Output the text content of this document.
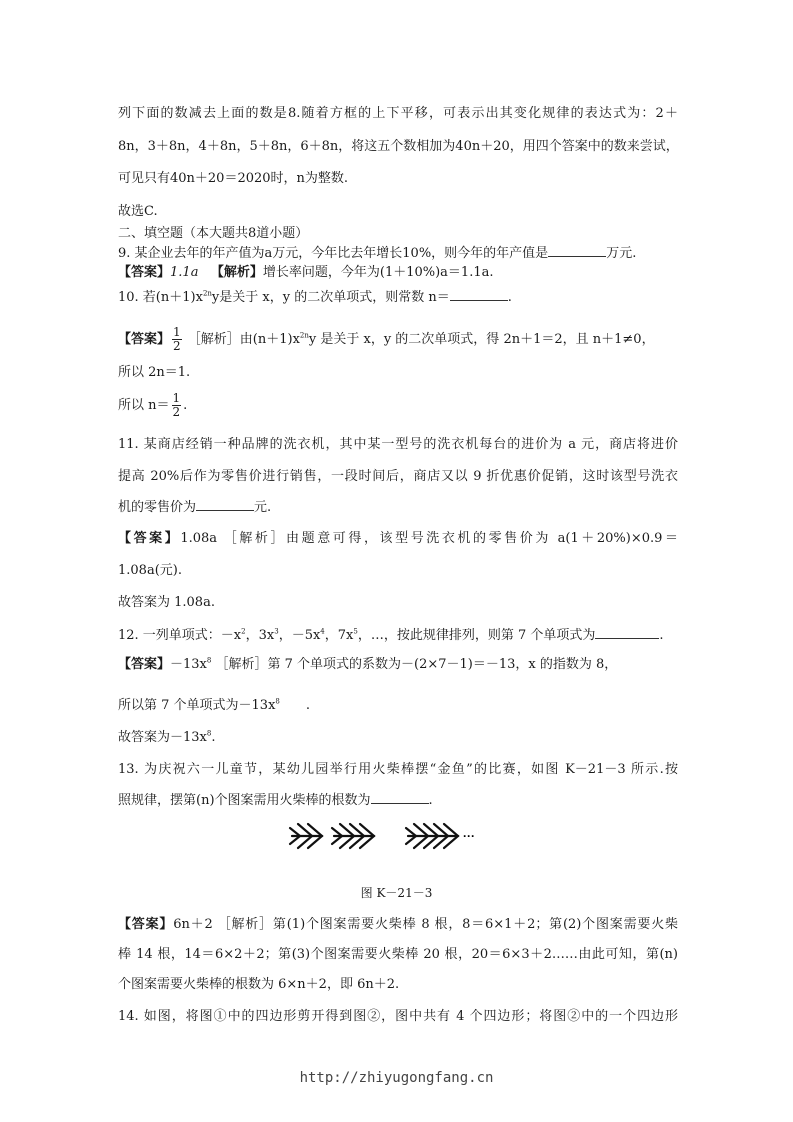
列下面的数减去上面的数是8.随着方框的上下平移，可表示出其变化规律的表达式为：2＋
8n，3＋8n，4＋8n，5＋8n，6＋8n，将这五个数相加为40n＋20，用四个答案中的数来尝试，
可见只有40n＋20＝2020时，n为整数.
故选C.
二、填空题（本大题共8道小题）
9. 某企业去年的年产值为a万元，今年比去年增长10%，则今年的年产值是	万元.
【答案】1.1a 【解析】增长率问题，今年为(1＋10%)a＝1.1a.
10. 若$(n+1)x^{2n}y$是关于 x，y 的二次单项式，则常数 n＝	.
【答案】 $\frac{1}{2}$ ［解析］由$(n+1)x^{2n}y$ 是关于 x，y 的二次单项式，得 2n＋1＝2，且 n＋1≠0，
所以 2n＝1.
所以 $n= \frac{1}{2}$ .
11. 某商店经销一种品牌的洗衣机，其中某一型号的洗衣机每台的进价为 a 元，商店将进价
提高 20%后作为零售价进行销售，一段时间后，商店又以 9 折优惠价促销，这时该型号洗衣
机的零售价为	元.
【答案】1.08a ［解析］由题意可得，该型号洗衣机的零售价为 a(1＋20%)×0.9＝
1.08a(元).
故答案为 1.08a.
12. 一列单项式：$-x^2$，$3x^3$，$-5x^4$，$7x^5$，…，按此规律排列，则第 7 个单项式为	.
【答案】$-13x^8$ ［解析］第 7 个单项式的系数为－(2×7－1)＝－13，x 的指数为 8，
所以第 7 个单项式为$-13x^8$　　.
故答案为$-13x^8$.
13. 为庆祝六一儿童节，某幼儿园举行用火柴棒摆“金鱼”的比赛，如图 K－21－3 所示.按
照规律，摆第(n)个图案需用火柴棒的根数为	.
···
图 K－21－3
【答案】6n＋2 ［解析］第(1)个图案需要火柴棒 8 根，8＝6×1＋2；第(2)个图案需要火柴
棒 14 根，14＝6×2＋2；第(3)个图案需要火柴棒 20 根，20＝6×3＋2……由此可知，第(n)
个图案需要火柴棒的根数为 6×n＋2，即 6n＋2.
14. 如图，将图①中的四边形剪开得到图②，图中共有 4 个四边形；将图②中的一个四边形
http://zhiyugongfang.cn
